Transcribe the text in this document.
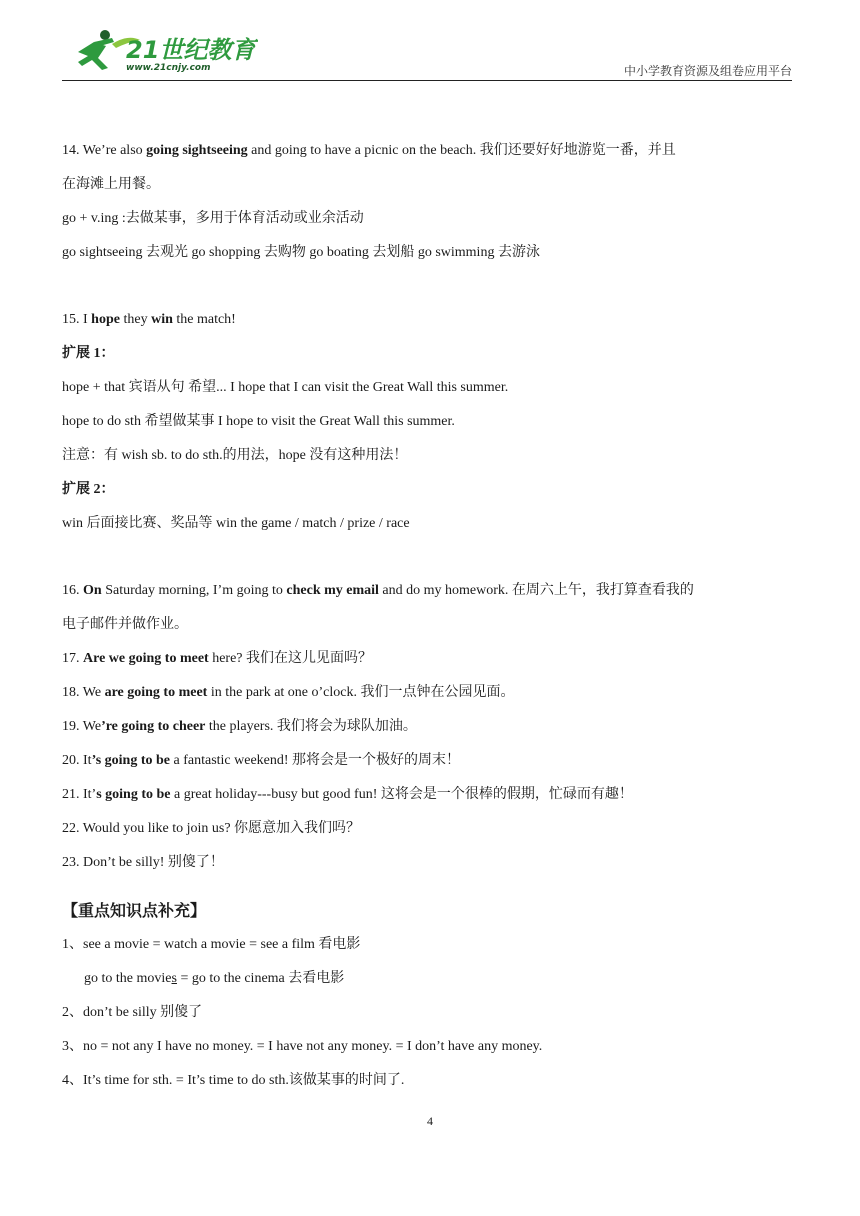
21世纪教育
www.21cnjy.com	中小学教育资源及组卷应用平台
14. We’re also going sightseeing and going to have a picnic on the beach. 我们还要好好地游览一番，并且
在海滩上用餐。
go + v.ing :去做某事，多用于体育活动或业余活动
go sightseeing 去观光 go shopping 去购物 go boating 去划船 go swimming 去游泳
15. I hope they win the match!
扩展 1：
hope + that 宾语从句 希望... I hope that I can visit the Great Wall this summer.
hope to do sth 希望做某事 I hope to visit the Great Wall this summer.
注意：有 wish sb. to do sth.的用法，hope 没有这种用法！
扩展 2：
win 后面接比赛、奖品等 win the game / match / prize / race
16. On Saturday morning, I’m going to check my email and do my homework. 在周六上午，我打算查看我的
电子邮件并做作业。
17. Are we going to meet here? 我们在这儿见面吗？
18. We are going to meet in the park at one o’clock. 我们一点钟在公园见面。
19. We’re going to cheer the players. 我们将会为球队加油。
20. It’s going to be a fantastic weekend! 那将会是一个极好的周末！
21. It’s going to be a great holiday---busy but good fun! 这将会是一个很棒的假期，忙碌而有趣！
22. Would you like to join us? 你愿意加入我们吗？
23. Don’t be silly! 别傻了！
【重点知识点补充】
1、see a movie = watch a movie = see a film 看电影
go to the movies = go to the cinema 去看电影
2、don’t be silly 别傻了
3、no = not any I have no money. = I have not any money. = I don’t have any money.
4、It’s time for sth. = It’s time to do sth.该做某事的时间了.
4
